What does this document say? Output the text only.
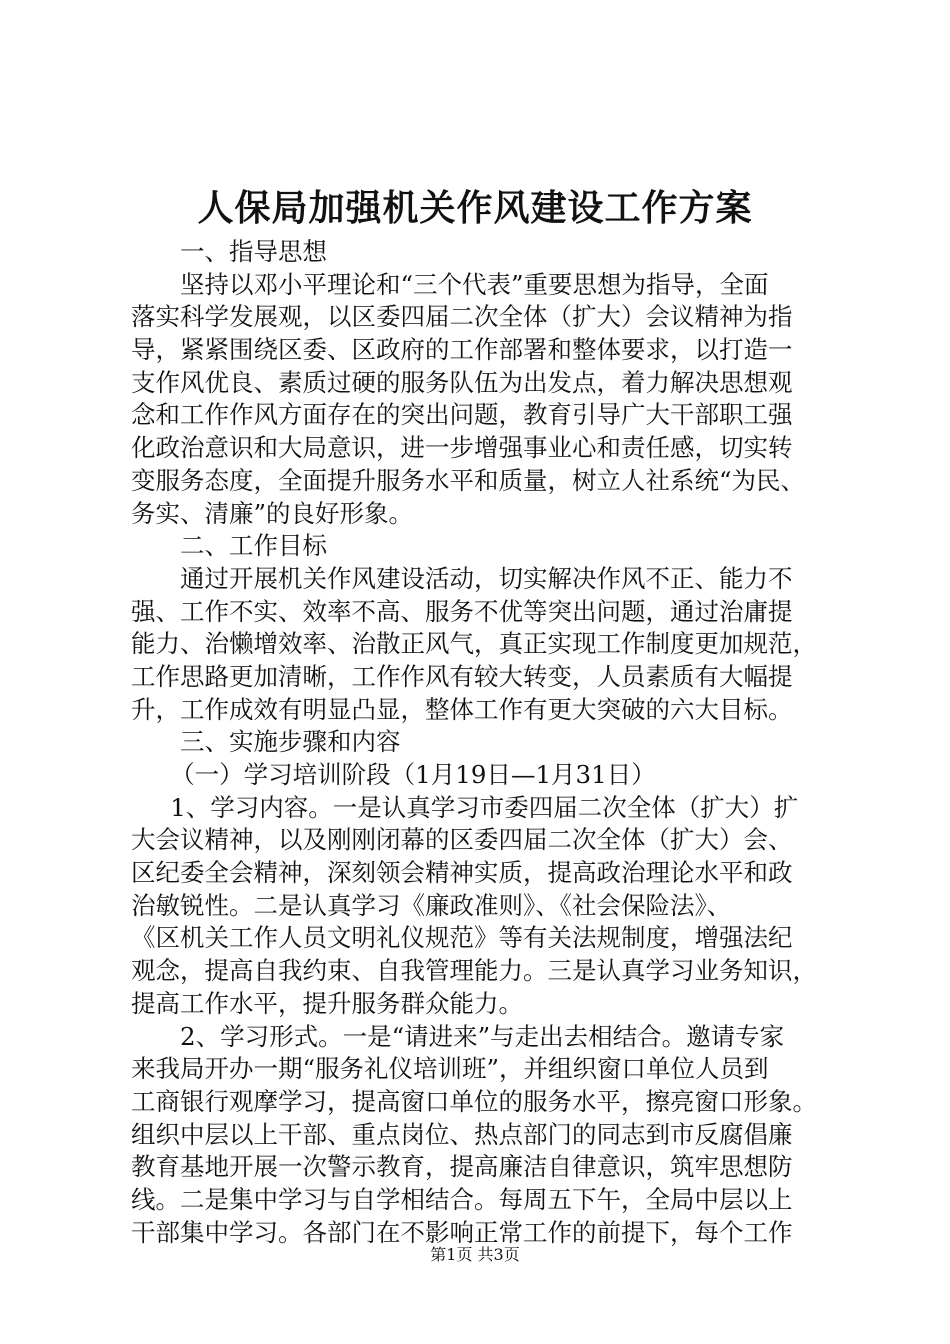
人保局加强机关作风建设工作方案
一、指导思想
坚持以邓小平理论和“三个代表”重要思想为指导，全面
落实科学发展观，以区委四届二次全体（扩大）会议精神为指
导，紧紧围绕区委、区政府的工作部署和整体要求，以打造一
支作风优良、素质过硬的服务队伍为出发点，着力解决思想观
念和工作作风方面存在的突出问题，教育引导广大干部职工强
化政治意识和大局意识，进一步增强事业心和责任感，切实转
变服务态度，全面提升服务水平和质量，树立人社系统“为民、
务实、清廉”的良好形象。
二、工作目标
通过开展机关作风建设活动，切实解决作风不正、能力不
强、工作不实、效率不高、服务不优等突出问题，通过治庸提
能力、治懒增效率、治散正风气，真正实现工作制度更加规范，
工作思路更加清晰，工作作风有较大转变，人员素质有大幅提
升，工作成效有明显凸显，整体工作有更大突破的六大目标。
三、实施步骤和内容
（一）学习培训阶段（1月19日—1月31日）
1、学习内容。一是认真学习市委四届二次全体（扩大）扩
大会议精神，以及刚刚闭幕的区委四届二次全体（扩大）会、
区纪委全会精神，深刻领会精神实质，提高政治理论水平和政
治敏锐性。二是认真学习《廉政准则》、《社会保险法》、
《区机关工作人员文明礼仪规范》等有关法规制度，增强法纪
观念，提高自我约束、自我管理能力。三是认真学习业务知识，
提高工作水平，提升服务群众能力。
2、学习形式。一是“请进来”与走出去相结合。邀请专家
来我局开办一期“服务礼仪培训班”，并组织窗口单位人员到
工商银行观摩学习，提高窗口单位的服务水平，擦亮窗口形象。
组织中层以上干部、重点岗位、热点部门的同志到市反腐倡廉
教育基地开展一次警示教育，提高廉洁自律意识，筑牢思想防
线。二是集中学习与自学相结合。每周五下午，全局中层以上
干部集中学习。各部门在不影响正常工作的前提下，每个工作
第1页 共3页
